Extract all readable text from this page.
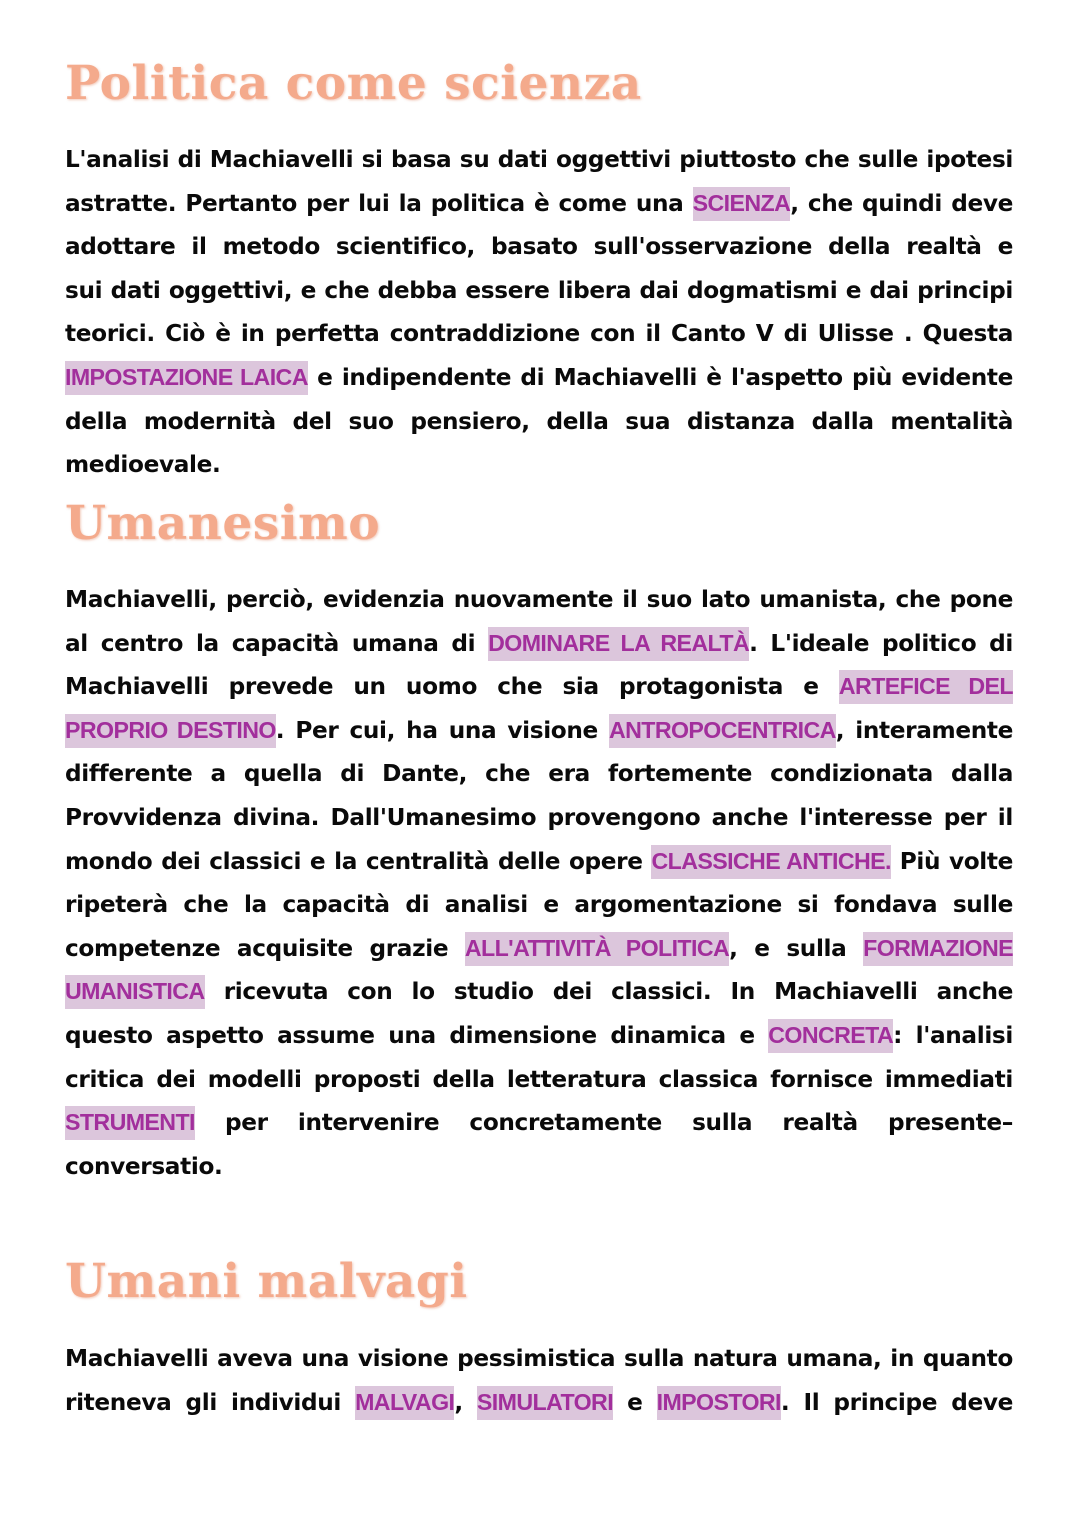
Politica come scienza
L'analisi di Machiavelli si basa su dati oggettivi piuttosto che sulle ipotesi
astratte. Pertanto per lui la politica è come una SCIENZA, che quindi deve
adottare il metodo scientifico, basato sull'osservazione della realtà e
sui dati oggettivi, e che debba essere libera dai dogmatismi e dai principi
teorici. Ciò è in perfetta contraddizione con il Canto V di Ulisse . Questa
IMPOSTAZIONE LAICA e indipendente di Machiavelli è l'aspetto più evidente
della modernità del suo pensiero, della sua distanza dalla mentalità
medioevale.
Umanesimo
Machiavelli, perciò, evidenzia nuovamente il suo lato umanista, che pone
al centro la capacità umana di DOMINARE LA REALTÀ. L'ideale politico di
Machiavelli prevede un uomo che sia protagonista e ARTEFICE DEL
PROPRIO DESTINO. Per cui, ha una visione ANTROPOCENTRICA, interamente
differente a quella di Dante, che era fortemente condizionata dalla
Provvidenza divina. Dall'Umanesimo provengono anche l'interesse per il
mondo dei classici e la centralità delle opere CLASSICHE ANTICHE. Più volte
ripeterà che la capacità di analisi e argomentazione si fondava sulle
competenze acquisite grazie ALL'ATTIVITÀ POLITICA, e sulla FORMAZIONE
UMANISTICA ricevuta con lo studio dei classici. In Machiavelli anche
questo aspetto assume una dimensione dinamica e CONCRETA: l'analisi
critica dei modelli proposti della letteratura classica fornisce immediati
STRUMENTI per intervenire concretamente sulla realtà presente–
conversatio.
Umani malvagi
Machiavelli aveva una visione pessimistica sulla natura umana, in quanto
riteneva gli individui MALVAGI, SIMULATORI e IMPOSTORI. Il principe deve
